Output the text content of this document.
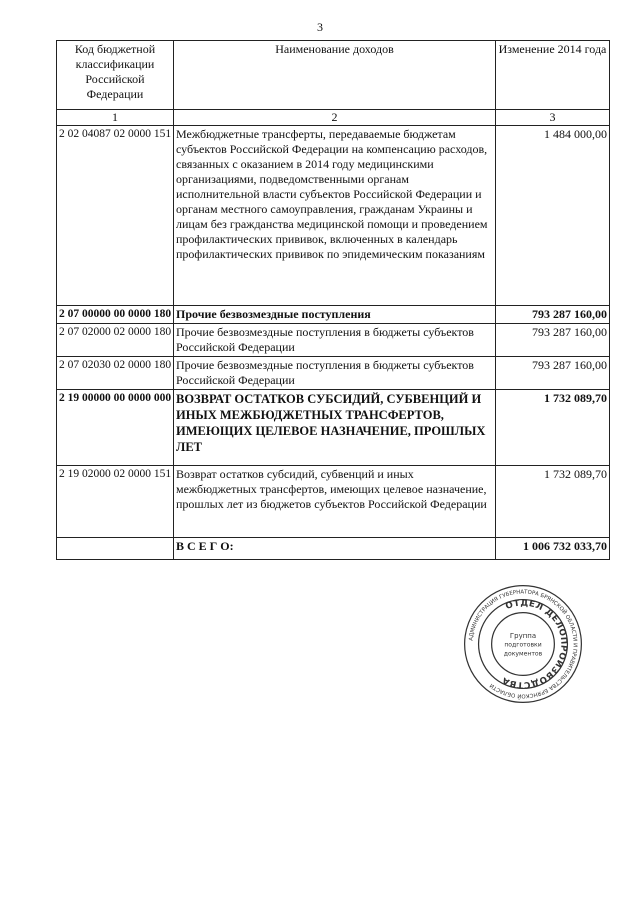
3
Код бюджетной классификации Российской Федерации	Наименование доходов	Изменение 2014 года
1	2	3
2 02 04087 02 0000 151	Межбюджетные трансферты, передаваемые бюджетам субъектов Российской Федерации на компенсацию расходов, связанных с оказанием в 2014 году медицинскими организациями, подведомственными органам исполнительной власти субъектов Российской Федерации и органам местного самоуправления, гражданам Украины и лицам без гражданства медицинской помощи и проведением профилактических прививок, включенных в календарь профилактических прививок по эпидемическим показаниям	1 484 000,00
2 07 00000 00 0000 180	Прочие безвозмездные поступления	793 287 160,00
2 07 02000 02 0000 180	Прочие безвозмездные поступления в бюджеты субъектов Российской Федерации	793 287 160,00
2 07 02030 02 0000 180	Прочие безвозмездные поступления в бюджеты субъектов Российской Федерации	793 287 160,00
2 19 00000 00 0000 000	ВОЗВРАТ ОСТАТКОВ СУБСИДИЙ, СУБВЕНЦИЙ И ИНЫХ МЕЖБЮДЖЕТНЫХ ТРАНСФЕРТОВ, ИМЕЮЩИХ ЦЕЛЕВОЕ НАЗНАЧЕНИЕ, ПРОШЛЫХ ЛЕТ	1 732 089,70
2 19 02000 02 0000 151	Возврат остатков субсидий, субвенций и иных межбюджетных трансфертов, имеющих целевое назначение, прошлых лет из бюджетов субъектов Российской Федерации	1 732 089,70
	В С Е Г О:	1 006 732 033,70
АДМИНИСТРАЦИЯ ГУБЕРНАТОРА БРЯНСКОЙ ОБЛАСТИ И ПРАВИТЕЛЬСТВА БРЯНСКОЙ ОБЛАСТИ
ОТДЕЛ ДЕЛОПРОИЗВОДСТВА
Группа
подготовки
документов
